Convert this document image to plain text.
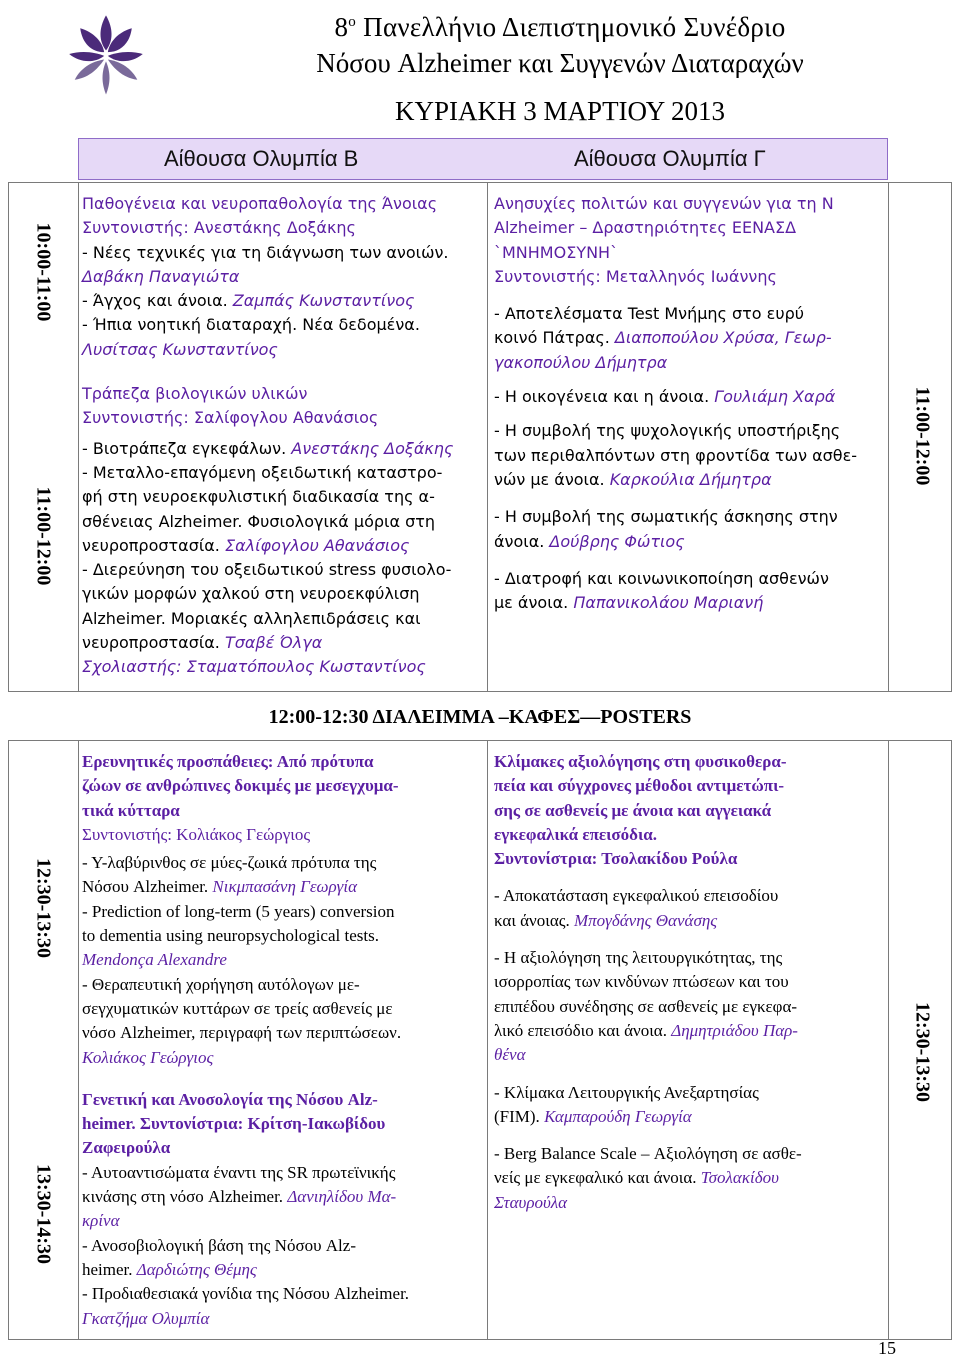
$8^o$ Πανελλήνιο Διεπιστημονικό Συνέδριο
Νόσου Alzheimer και Συγγενών Διαταραχών
ΚΥΡΙΑΚΗ 3 ΜΑΡΤΙΟΥ 2013
Αίθουσα Ολυμπία Β	Αίθουσα Ολυμπία Γ
10:00-11:00
11:00-12:00
11:00-12:00
12:30-13:30
13:30-14:30
12:30-13:30

Παθογένεια και νευροπαθολογία της Άνοιας

Συντονιστής: Ανεστάκης Δοξάκης

- Νέες τεχνικές για τη διάγνωση των ανοιών.

Δαβάκη Παναγιώτα

- Άγχος και άνοια. Ζαμπάς Κωνσταντίνος

- Ήπια νοητική διαταραχή. Νέα δεδομένα.

Λυσίτσας Κωνσταντίνος

Τράπεζα βιολογικών υλικών

Συντονιστής: Σαλίφογλου Αθανάσιος

- Βιοτράπεζα εγκεφάλων. Ανεστάκης Δοξάκης

- Μεταλλο-επαγόμενη οξειδωτική καταστρο-

φή στη νευροεκφυλιστική διαδικασία της α-

σθένειας Alzheimer. Φυσιολογικά μόρια στη

νευροπροστασία. Σαλίφογλου Αθανάσιος

- Διερεύνηση του οξειδωτικού stress φυσιολο-

γικών μορφών χαλκού στη νευροεκφύλιση

Alzheimer. Μοριακές αλληλεπιδράσεις και

νευροπροστασία. Τσαβέ Όλγα

Σχολιαστής: Σταματόπουλος Κωσταντίνος

Ανησυχίες πολιτών και συγγενών για τη Ν

Alzheimer – Δραστηριότητες ΕΕΝΑΣΔ

`ΜΝΗΜΟΣΥΝΗ`

Συντονιστής: Μεταλληνός Ιωάννης

- Αποτελέσματα Test Μνήμης στο ευρύ

κοινό Πάτρας. Διαποπούλου Χρύσα, Γεωρ-

γακοπούλου Δήμητρα

- Η οικογένεια και η άνοια. Γουλιάμη Χαρά

- Η συμβολή της ψυχολογικής υποστήριξης

των περιθαλπόντων στη φροντίδα των ασθε-

νών με άνοια. Καρκούλια Δήμητρα

- Η συμβολή της σωματικής άσκησης στην

άνοια. Δούβρης Φώτιος

- Διατροφή και κοινωνικοποίηση ασθενών

με άνοια. Παπανικολάου Μαριανή

12:00-12:30 ΔΙΑΛΕΙΜΜΑ –ΚΑΦΕΣ—POSTERS

Ερευνητικές προσπάθειες: Από πρότυπα

ζώων σε ανθρώπινες δοκιμές με μεσεγχυμα-

τικά κύτταρα

Συντονιστής: Κολιάκος Γεώργιος

- Υ-λαβύρινθος σε μύες-ζωικά πρότυπα της

Νόσου Alzheimer. Νικμπασάνη Γεωργία

- Prediction of long-term (5 years) conversion

to dementia using neuropsychological tests.

Mendonça Alexandre

- Θεραπευτική χορήγηση αυτόλογων με-

σεγχυματικών κυττάρων σε τρείς ασθενείς με

νόσο Alzheimer, περιγραφή των περιπτώσεων.

Κολιάκος Γεώργιος

Γενετική και Ανοσολογία της Νόσου Alz-

heimer. Συντονίστρια: Κρίτση-Ιακωβίδου

Ζαφειρούλα

- Αυτοαντισώματα έναντι της SR πρωτεϊνικής

κινάσης στη νόσο Alzheimer. Δανιηλίδου Μα-

κρίνα

- Ανοσοβιολογική βάση της Νόσου Alz-

heimer. Δαρδιώτης Θέμης

- Προδιαθεσιακά γονίδια της Νόσου Alzheimer.

Γκατζήμα Ολυμπία

Κλίμακες αξιολόγησης στη φυσικοθερα-

πεία και σύγχρονες μέθοδοι αντιμετώπι-

σης σε ασθενείς με άνοια και αγγειακά

εγκεφαλικά επεισόδια.

Συντονίστρια: Τσολακίδου Ρούλα

- Αποκατάσταση εγκεφαλικού επεισοδίου

και άνοιας. Μπογδάνης Θανάσης

- Η αξιολόγηση της λειτουργικότητας, της

ισορροπίας των κινδύνων πτώσεων και του

επιπέδου συνέδησης σε ασθενείς με εγκεφα-

λικό επεισόδιο και άνοια. Δημητριάδου Παρ-

θένα

- Κλίμακα Λειτουργικής Ανεξαρτησίας

(FIM). Καμπαρούδη Γεωργία

- Berg Balance Scale – Αξιολόγηση σε ασθε-

νείς με εγκεφαλικό και άνοια. Τσολακίδου

Σταυρούλα

15
